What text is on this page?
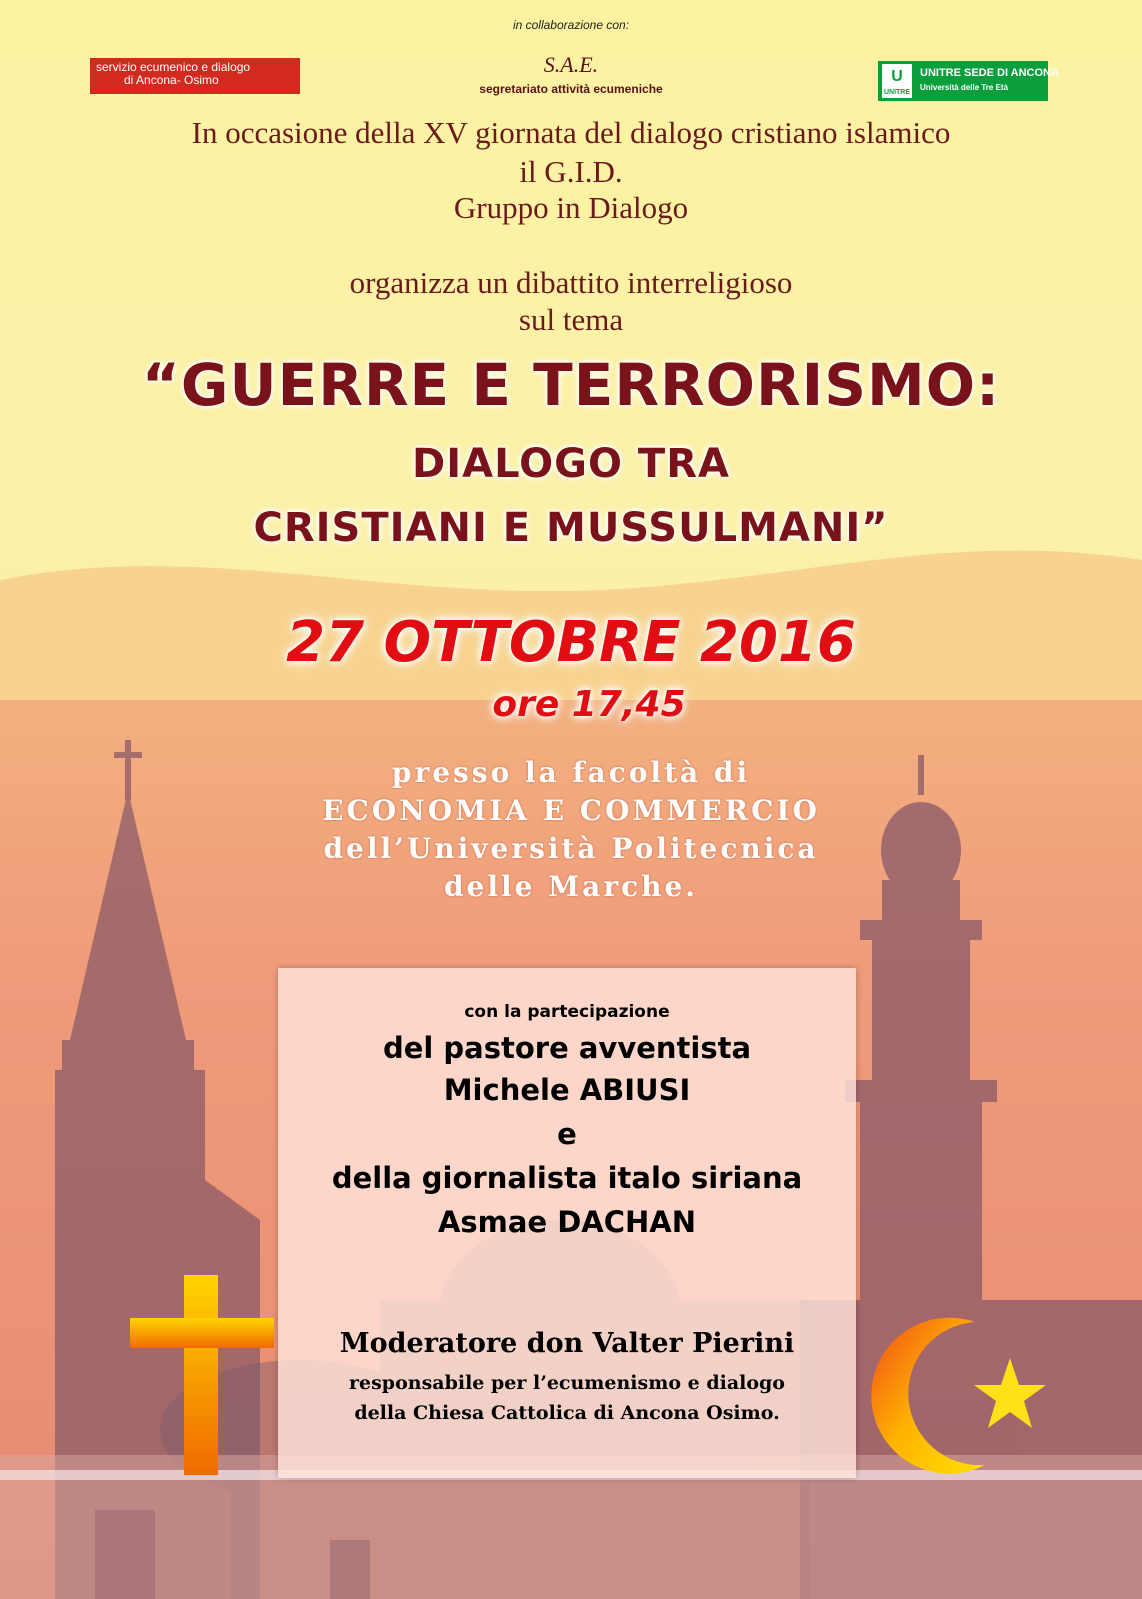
in collaborazione con:
servizio ecumenico e dialogo
di Ancona- Osimo
S.A.E.
segretariato attività ecumeniche
U
UNITRE
UNITRE SEDE DI ANCONA
Università delle Tre Età
In occasione della XV giornata del dialogo cristiano islamico
il G.I.D.
Gruppo in Dialogo
organizza un dibattito interreligioso
sul tema
“GUERRE E TERRORISMO:
DIALOGO TRA
CRISTIANI E MUSSULMANI”
27 OTTOBRE 2016
ore 17,45
presso la facoltà di
ECONOMIA E COMMERCIO
dell’Università Politecnica
delle Marche.
con la partecipazione
del pastore avventista
Michele ABIUSI
e
della giornalista italo siriana
Asmae DACHAN
Moderatore don Valter Pierini
responsabile per l’ecumenismo e dialogo
della Chiesa Cattolica di Ancona Osimo.
